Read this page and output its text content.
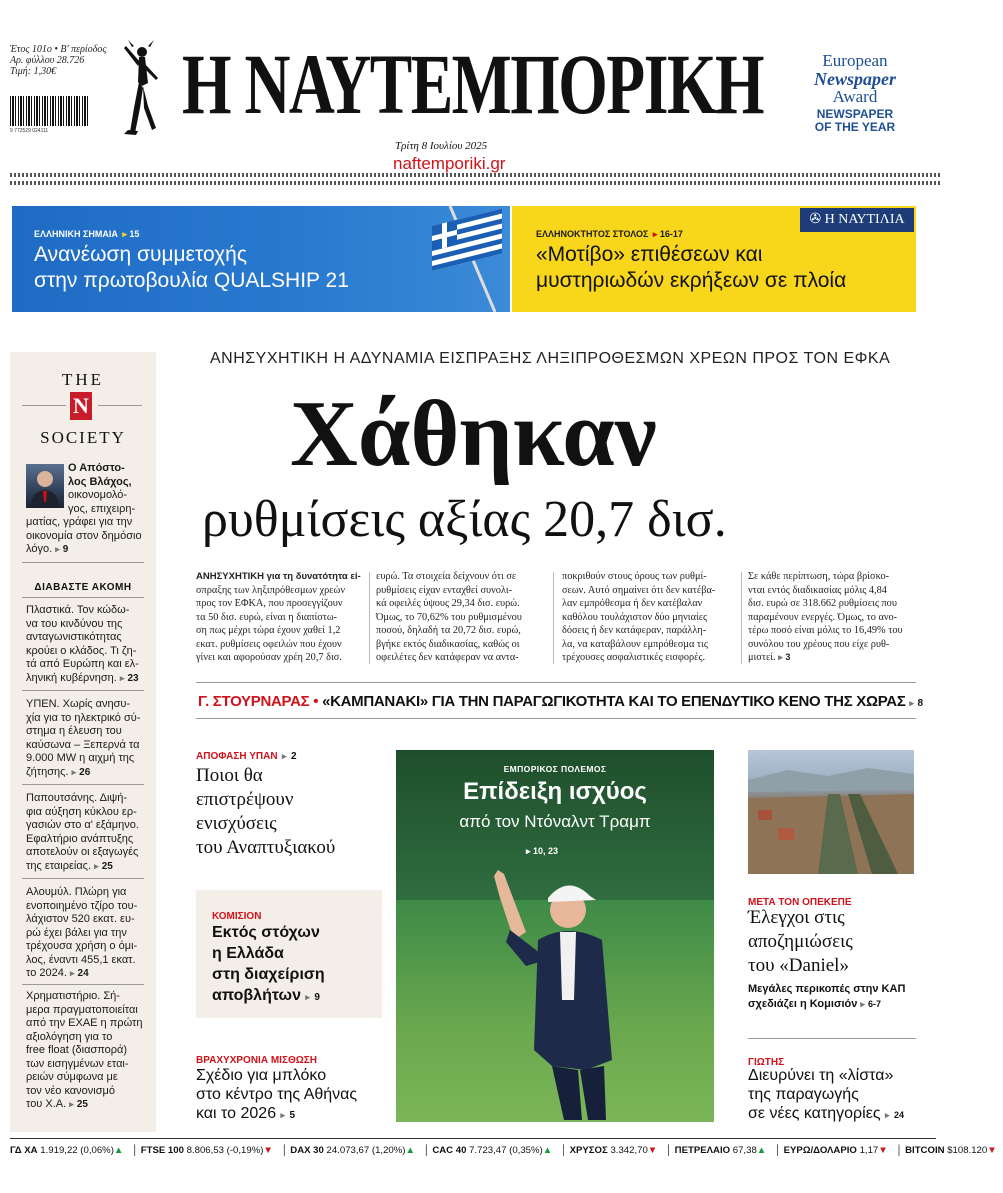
Έτος 101ο • Β' περίοδος
Αρ. φύλλου 28.726
Τιμή: 1,30€
9 772529 024111 Η ΝΑΥΤΕΜΠΟΡΙΚΗ	European
Newspaper
Award
NEWSPAPER
OF THE YEAR
Τρίτη 8 Ιουλίου 2025
naftemporiki.gr
ΕΛΛΗΝΙΚΗ ΣΗΜΑΙΑ ▸ 15
Ανανέωση συμμετοχής
στην πρωτοβουλία QUALSHIP 21
ΕΛΛΗΝΟΚΤΗΤΟΣ ΣΤΟΛΟΣ ▸ 16-17
«Μοτίβο» επιθέσεων και
μυστηριωδών εκρήξεων σε πλοία
✇ Η ΝΑΥΤΙΛΙΑ
THE
N
SOCIETY
Ο Απόστο-
λος Βλάχος,
οικονομολό-
γος, επιχειρη-
ματίας, γράφει για την
οικονομία στον δημόσιο
λόγο. ▸ 9
ΔΙΑΒΑΣΤΕ ΑΚΟΜΗ
Πλαστικά. Τον κώδω-
να του κινδύνου της
ανταγωνιστικότητας
κρούει ο κλάδος. Τι ζη-
τά από Ευρώπη και ελ-
ληνική κυβέρνηση. ▸ 23
ΥΠΕΝ. Χωρίς ανησυ-
χία για το ηλεκτρικό σύ-
στημα η έλευση του
καύσωνα – Ξεπερνά τα
9.000 MW η αιχμή της
ζήτησης. ▸ 26
Παπουτσάνης. Διψή-
φια αύξηση κύκλου ερ-
γασιών στο α' εξάμηνο.
Εφαλτήριο ανάπτυξης
αποτελούν οι εξαγωγές
της εταιρείας. ▸ 25
Αλουμύλ. Πλώρη για
ενοποιημένο τζίρο του-
λάχιστον 520 εκατ. ευ-
ρώ έχει βάλει για την
τρέχουσα χρήση ο όμι-
λος, έναντι 455,1 εκατ.
το 2024. ▸ 24
Χρηματιστήριο. Σή-
μερα πραγματοποιείται
από την ΕΧΑΕ η πρώτη
αξιολόγηση για το
free float (διασπορά)
των εισηγμένων εται-
ρειών σύμφωνα με
τον νέο κανονισμό
του Χ.Α. ▸ 25
ΑΝΗΣΥΧΗΤΙΚΗ Η ΑΔΥΝΑΜΙΑ ΕΙΣΠΡΑΞΗΣ ΛΗΞΙΠΡΟΘΕΣΜΩΝ ΧΡΕΩΝ ΠΡΟΣ ΤΟΝ ΕΦΚΑ
Χάθηκαν
ρυθμίσεις αξίας 20,7 δισ.
ΑΝΗΣΥΧΗΤΙΚΗ για τη δυνατότητα εί-
σπραξης των ληξιπρόθεσμων χρεών
προς τον ΕΦΚΑ, που προσεγγίζουν
τα 50 δισ. ευρώ, είναι η διαπίστω-
ση πως μέχρι τώρα έχουν χαθεί 1,2
εκατ. ρυθμίσεις οφειλών που έχουν
γίνει και αφορούσαν χρέη 20,7 δισ.
ευρώ. Τα στοιχεία δείχνουν ότι σε
ρυθμίσεις είχαν ενταχθεί συνολι-
κά οφειλές ύψους 29,34 δισ. ευρώ.
Όμως, το 70,62% του ρυθμισμένου
ποσού, δηλαδή τα 20,72 δισ. ευρώ,
βγήκε εκτός διαδικασίας, καθώς οι
οφειλέτες δεν κατάφεραν να αντα-
ποκριθούν στους όρους των ρυθμί-
σεων. Αυτό σημαίνει ότι δεν κατέβα-
λαν εμπρόθεσμα ή δεν κατέβαλαν
καθόλου τουλάχιστον δύο μηνιαίες
δόσεις ή δεν κατάφεραν, παράλλη-
λα, να καταβάλουν εμπρόθεσμα τις
τρέχουσες ασφαλιστικές εισφορές.
Σε κάθε περίπτωση, τώρα βρίσκο-
νται εντός διαδικασίας μόλις 4,84
δισ. ευρώ σε 318.662 ρυθμίσεις που
παραμένουν ενεργές. Όμως, το ανο-
τέρω ποσό είναι μόλις το 16,49% του
συνόλου του χρέους που είχε ρυθ-
μιστεί. ▸ 3
Γ. ΣΤΟΥΡΝΑΡΑΣ • «ΚΑΜΠΑΝΑΚΙ» ΓΙΑ ΤΗΝ ΠΑΡΑΓΩΓΙΚΟΤΗΤΑ ΚΑΙ ΤΟ ΕΠΕΝΔΥΤΙΚΟ ΚΕΝΟ ΤΗΣ ΧΩΡΑΣ ▸ 8
ΑΠΟΦΑΣΗ ΥΠΑΝ ▸ 2
Ποιοι θα
επιστρέψουν
ενισχύσεις
του Αναπτυξιακού
ΚΟΜΙΣΙΟΝ
Εκτός στόχων
η Ελλάδα
στη διαχείριση
αποβλήτων ▸ 9
ΒΡΑΧΥΧΡΟΝΙΑ ΜΙΣΘΩΣΗ
Σχέδιο για μπλόκο
στο κέντρο της Αθήνας
και το 2026 ▸ 5
ΕΜΠΟΡΙΚΟΣ ΠΟΛΕΜΟΣ
Επίδειξη ισχύος
από τον Ντόναλντ Τραμπ
▸ 10, 23
ΜΕΤΑ ΤΟΝ ΟΠΕΚΕΠΕ
Έλεγχοι στις
αποζημιώσεις
του «Daniel»
Μεγάλες περικοπές στην ΚΑΠ
σχεδιάζει η Κομισιόν ▸ 6-7
ΓΙΩΤΗΣ
Διευρύνει τη «λίστα»
της παραγωγής
σε νέες κατηγορίες ▸ 24
ΓΔ ΧΑ 1.919,22 (0,06%)▲ │ FTSE 100 8.806,53 (-0,19%)▼ │ DAX 30 24.073,67 (1,20%)▲ │ CAC 40 7.723,47 (0,35%)▲ │ ΧΡΥΣΟΣ 3.342,70▼ │ ΠΕΤΡΕΛΑΙΟ 67,38▲ │ ΕΥΡΩ/ΔΟΛΑΡΙΟ 1,17▼ │ BITCOIN $108.120▼
